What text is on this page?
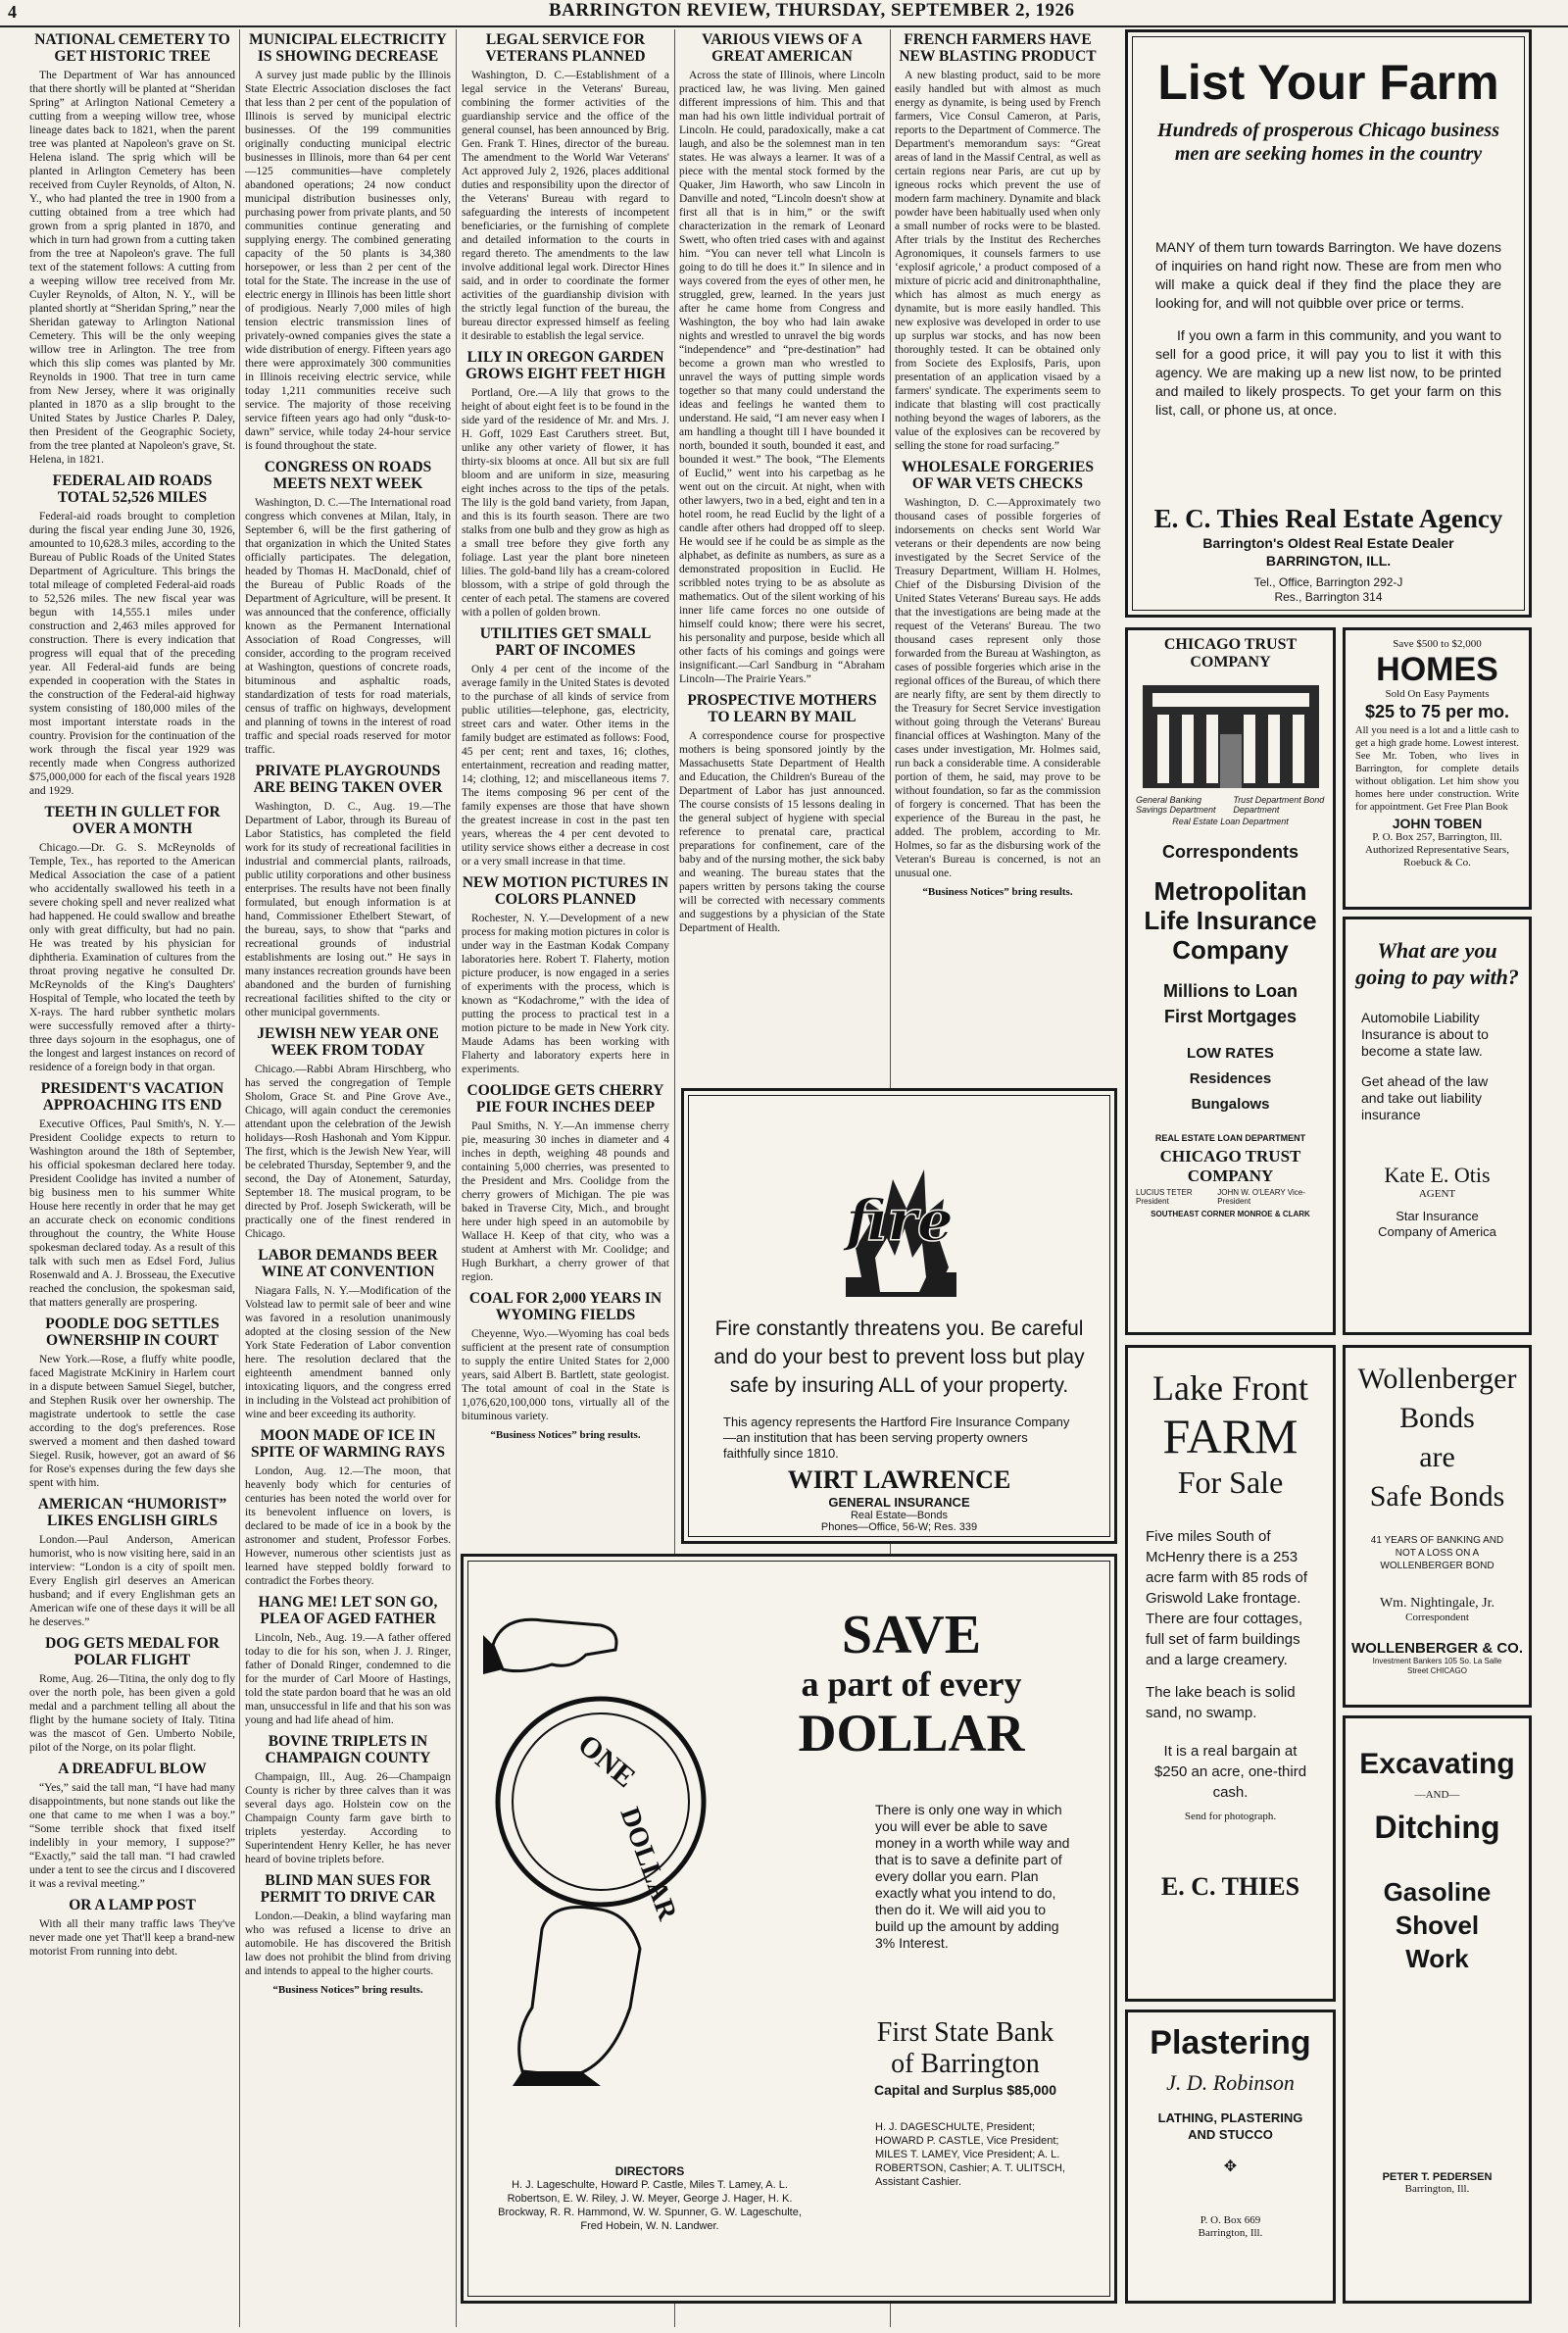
4	BARRINGTON REVIEW, THURSDAY, SEPTEMBER 2, 1926
NATIONAL CEMETERY TO GET HISTORIC TREE

The Department of War has announced that there shortly will be planted at “Sheridan Spring” at Arlington National Cemetery a cutting from a weeping willow tree, whose lineage dates back to 1821, when the parent tree was planted at Napoleon's grave on St. Helena island. The sprig which will be planted in Arlington Cemetery has been received from Cuyler Reynolds, of Alton, N. Y., who had planted the tree in 1900 from a cutting obtained from a tree which had grown from a sprig planted in 1870, and which in turn had grown from a cutting taken from the tree at Napoleon's grave. The full text of the statement follows: A cutting from a weeping willow tree received from Mr. Cuyler Reynolds, of Alton, N. Y., will be planted shortly at “Sheridan Spring,” near the Sheridan gateway to Arlington National Cemetery. This will be the only weeping willow tree in Arlington. The tree from which this slip comes was planted by Mr. Reynolds in 1900. That tree in turn came from New Jersey, where it was originally planted in 1870 as a slip brought to the United States by Justice Charles P. Daley, then President of the Geographic Society, from the tree planted at Napoleon's grave, St. Helena, in 1821.

FEDERAL AID ROADS TOTAL 52,526 MILES

Federal-aid roads brought to completion during the fiscal year ending June 30, 1926, amounted to 10,628.3 miles, according to the Bureau of Public Roads of the United States Department of Agriculture. This brings the total mileage of completed Federal-aid roads to 52,526 miles. The new fiscal year was begun with 14,555.1 miles under construction and 2,463 miles approved for construction. There is every indication that progress will equal that of the preceding year. All Federal-aid funds are being expended in cooperation with the States in the construction of the Federal-aid highway system consisting of 180,000 miles of the most important interstate roads in the country. Provision for the continuation of the work through the fiscal year 1929 was recently made when Congress authorized $75,000,000 for each of the fiscal years 1928 and 1929.

TEETH IN GULLET FOR OVER A MONTH

Chicago.—Dr. G. S. McReynolds of Temple, Tex., has reported to the American Medical Association the case of a patient who accidentally swallowed his teeth in a severe choking spell and never realized what had happened. He could swallow and breathe only with great difficulty, but had no pain. He was treated by his physician for diphtheria. Examination of cultures from the throat proving negative he consulted Dr. McReynolds of the King's Daughters' Hospital of Temple, who located the teeth by X-rays. The hard rubber synthetic molars were successfully removed after a thirty-three days sojourn in the esophagus, one of the longest and largest instances on record of residence of a foreign body in that organ.

PRESIDENT'S VACATION APPROACHING ITS END

Executive Offices, Paul Smith's, N. Y.—President Coolidge expects to return to Washington around the 18th of September, his official spokesman declared here today. President Coolidge has invited a number of big business men to his summer White House here recently in order that he may get an accurate check on economic conditions throughout the country, the White House spokesman declared today. As a result of this talk with such men as Edsel Ford, Julius Rosenwald and A. J. Brosseau, the Executive reached the conclusion, the spokesman said, that matters generally are prospering.

POODLE DOG SETTLES OWNERSHIP IN COURT

New York.—Rose, a fluffy white poodle, faced Magistrate McKiniry in Harlem court in a dispute between Samuel Siegel, butcher, and Stephen Rusik over her ownership. The magistrate undertook to settle the case according to the dog's preferences. Rose swerved a moment and then dashed toward Siegel. Rusik, however, got an award of $6 for Rose's expenses during the few days she spent with him.

AMERICAN “HUMORIST” LIKES ENGLISH GIRLS

London.—Paul Anderson, American humorist, who is now visiting here, said in an interview: “London is a city of spoilt men. Every English girl deserves an American husband; and if every Englishman gets an American wife one of these days it will be all he deserves.”

DOG GETS MEDAL FOR POLAR FLIGHT

Rome, Aug. 26—Titina, the only dog to fly over the north pole, has been given a gold medal and a parchment telling all about the flight by the humane society of Italy. Titina was the mascot of Gen. Umberto Nobile, pilot of the Norge, on its polar flight.

A DREADFUL BLOW

“Yes,” said the tall man, “I have had many disappointments, but none stands out like the one that came to me when I was a boy.” “Some terrible shock that fixed itself indelibly in your memory, I suppose?” “Exactly,” said the tall man. “I had crawled under a tent to see the circus and I discovered it was a revival meeting.”

OR A LAMP POST

With all their many traffic laws They've never made one yet That'll keep a brand-new motorist From running into debt.

MUNICIPAL ELECTRICITY IS SHOWING DECREASE

A survey just made public by the Illinois State Electric Association discloses the fact that less than 2 per cent of the population of Illinois is served by municipal electric businesses. Of the 199 communities originally conducting municipal electric businesses in Illinois, more than 64 per cent—125 communities—have completely abandoned operations; 24 now conduct municipal distribution businesses only, purchasing power from private plants, and 50 communities continue generating and supplying energy. The combined generating capacity of the 50 plants is 34,380 horsepower, or less than 2 per cent of the total for the State. The increase in the use of electric energy in Illinois has been little short of prodigious. Nearly 7,000 miles of high tension electric transmission lines of privately-owned companies gives the state a wide distribution of energy. Fifteen years ago there were approximately 300 communities in Illinois receiving electric service, while today 1,211 communities receive such service. The majority of those receiving service fifteen years ago had only “dusk-to-dawn” service, while today 24-hour service is found throughout the state.

CONGRESS ON ROADS MEETS NEXT WEEK

Washington, D. C.—The International road congress which convenes at Milan, Italy, in September 6, will be the first gathering of that organization in which the United States officially participates. The delegation, headed by Thomas H. MacDonald, chief of the Bureau of Public Roads of the Department of Agriculture, will be present. It was announced that the conference, officially known as the Permanent International Association of Road Congresses, will consider, according to the program received at Washington, questions of concrete roads, bituminous and asphaltic roads, standardization of tests for road materials, census of traffic on highways, development and planning of towns in the interest of road traffic and special roads reserved for motor traffic.

PRIVATE PLAYGROUNDS ARE BEING TAKEN OVER

Washington, D. C., Aug. 19.—The Department of Labor, through its Bureau of Labor Statistics, has completed the field work for its study of recreational facilities in industrial and commercial plants, railroads, public utility corporations and other business enterprises. The results have not been finally formulated, but enough information is at hand, Commissioner Ethelbert Stewart, of the bureau, says, to show that “parks and recreational grounds of industrial establishments are losing out.” He says in many instances recreation grounds have been abandoned and the burden of furnishing recreational facilities shifted to the city or other municipal governments.

JEWISH NEW YEAR ONE WEEK FROM TODAY

Chicago.—Rabbi Abram Hirschberg, who has served the congregation of Temple Sholom, Grace St. and Pine Grove Ave., Chicago, will again conduct the ceremonies attendant upon the celebration of the Jewish holidays—Rosh Hashonah and Yom Kippur. The first, which is the Jewish New Year, will be celebrated Thursday, September 9, and the second, the Day of Atonement, Saturday, September 18. The musical program, to be directed by Prof. Joseph Swickerath, will be practically one of the finest rendered in Chicago.

LABOR DEMANDS BEER WINE AT CONVENTION

Niagara Falls, N. Y.—Modification of the Volstead law to permit sale of beer and wine was favored in a resolution unanimously adopted at the closing session of the New York State Federation of Labor convention here. The resolution declared that the eighteenth amendment banned only intoxicating liquors, and the congress erred in including in the Volstead act prohibition of wine and beer exceeding its authority.

MOON MADE OF ICE IN SPITE OF WARMING RAYS

London, Aug. 12.—The moon, that heavenly body which for centuries of centuries has been noted the world over for its benevolent influence on lovers, is declared to be made of ice in a book by the astronomer and student, Professor Forbes. However, numerous other scientists just as learned have stepped boldly forward to contradict the Forbes theory.

HANG ME! LET SON GO, PLEA OF AGED FATHER

Lincoln, Neb., Aug. 19.—A father offered today to die for his son, when J. J. Ringer, father of Donald Ringer, condemned to die for the murder of Carl Moore of Hastings, told the state pardon board that he was an old man, unsuccessful in life and that his son was young and had life ahead of him.

BOVINE TRIPLETS IN CHAMPAIGN COUNTY

Champaign, Ill., Aug. 26—Champaign County is richer by three calves than it was several days ago. Holstein cow on the Champaign County farm gave birth to triplets yesterday. According to Superintendent Henry Keller, he has never heard of bovine triplets before.

BLIND MAN SUES FOR PERMIT TO DRIVE CAR

London.—Deakin, a blind wayfaring man who was refused a license to drive an automobile. He has discovered the British law does not prohibit the blind from driving and intends to appeal to the higher courts.

“Business Notices” bring results.
LEGAL SERVICE FOR VETERANS PLANNED

Washington, D. C.—Establishment of a legal service in the Veterans' Bureau, combining the former activities of the guardianship service and the office of the general counsel, has been announced by Brig. Gen. Frank T. Hines, director of the bureau. The amendment to the World War Veterans' Act approved July 2, 1926, places additional duties and responsibility upon the director of the Veterans' Bureau with regard to safeguarding the interests of incompetent beneficiaries, or the furnishing of complete and detailed information to the courts in regard thereto. The amendments to the law involve additional legal work. Director Hines said, and in order to coordinate the former activities of the guardianship division with the strictly legal function of the bureau, the bureau director expressed himself as feeling it desirable to establish the legal service.

LILY IN OREGON GARDEN GROWS EIGHT FEET HIGH

Portland, Ore.—A lily that grows to the height of about eight feet is to be found in the side yard of the residence of Mr. and Mrs. J. H. Goff, 1029 East Caruthers street. But, unlike any other variety of flower, it has thirty-six blooms at once. All but six are full bloom and are uniform in size, measuring eight inches across to the tips of the petals. The lily is the gold band variety, from Japan, and this is its fourth season. There are two stalks from one bulb and they grow as high as a small tree before they give forth any foliage. Last year the plant bore nineteen lilies. The gold-band lily has a cream-colored blossom, with a stripe of gold through the center of each petal. The stamens are covered with a pollen of golden brown.

UTILITIES GET SMALL PART OF INCOMES

Only 4 per cent of the income of the average family in the United States is devoted to the purchase of all kinds of service from public utilities—telephone, gas, electricity, street cars and water. Other items in the family budget are estimated as follows: Food, 45 per cent; rent and taxes, 16; clothes, entertainment, recreation and reading matter, 14; clothing, 12; and miscellaneous items 7. The items composing 96 per cent of the family expenses are those that have shown the greatest increase in cost in the past ten years, whereas the 4 per cent devoted to utility service shows either a decrease in cost or a very small increase in that time.

NEW MOTION PICTURES IN COLORS PLANNED

Rochester, N. Y.—Development of a new process for making motion pictures in color is under way in the Eastman Kodak Company laboratories here. Robert T. Flaherty, motion picture producer, is now engaged in a series of experiments with the process, which is known as “Kodachrome,” with the idea of putting the process to practical test in a motion picture to be made in New York city. Maude Adams has been working with Flaherty and laboratory experts here in experiments.

COOLIDGE GETS CHERRY PIE FOUR INCHES DEEP

Paul Smiths, N. Y.—An immense cherry pie, measuring 30 inches in diameter and 4 inches in depth, weighing 48 pounds and containing 5,000 cherries, was presented to the President and Mrs. Coolidge from the cherry growers of Michigan. The pie was baked in Traverse City, Mich., and brought here under high speed in an automobile by Wallace H. Keep of that city, who was a student at Amherst with Mr. Coolidge; and Hugh Burkhart, a cherry grower of that region.

COAL FOR 2,000 YEARS IN WYOMING FIELDS

Cheyenne, Wyo.—Wyoming has coal beds sufficient at the present rate of consumption to supply the entire United States for 2,000 years, said Albert B. Bartlett, state geologist. The total amount of coal in the State is 1,076,620,100,000 tons, virtually all of the bituminous variety.

“Business Notices” bring results.
VARIOUS VIEWS OF A GREAT AMERICAN

Across the state of Illinois, where Lincoln practiced law, he was living. Men gained different impressions of him. This and that man had his own little individual portrait of Lincoln. He could, paradoxically, make a cat laugh, and also be the solemnest man in ten states. He was always a learner. It was of a piece with the mental stock formed by the Quaker, Jim Haworth, who saw Lincoln in Danville and noted, “Lincoln doesn't show at first all that is in him,” or the swift characterization in the remark of Leonard Swett, who often tried cases with and against him. “You can never tell what Lincoln is going to do till he does it.” In silence and in ways covered from the eyes of other men, he struggled, grew, learned. In the years just after he came home from Congress and Washington, the boy who had lain awake nights and wrestled to unravel the big words “independence” and “pre-destination” had become a grown man who wrestled to unravel the ways of putting simple words together so that many could understand the ideas and feelings he wanted them to understand. He said, “I am never easy when I am handling a thought till I have bounded it north, bounded it south, bounded it east, and bounded it west.” The book, “The Elements of Euclid,” went into his carpetbag as he went out on the circuit. At night, when with other lawyers, two in a bed, eight and ten in a hotel room, he read Euclid by the light of a candle after others had dropped off to sleep. He would see if he could be as simple as the alphabet, as definite as numbers, as sure as a demonstrated proposition in Euclid. He scribbled notes trying to be as absolute as mathematics. Out of the silent working of his inner life came forces no one outside of himself could know; there were his secret, his personality and purpose, beside which all other facts of his comings and goings were insignificant.—Carl Sandburg in “Abraham Lincoln—The Prairie Years.”

PROSPECTIVE MOTHERS TO LEARN BY MAIL

A correspondence course for prospective mothers is being sponsored jointly by the Massachusetts State Department of Health and Education, the Children's Bureau of the Department of Labor has just announced. The course consists of 15 lessons dealing in the general subject of hygiene with special reference to prenatal care, practical preparations for confinement, care of the baby and of the nursing mother, the sick baby and weaning. The bureau states that the papers written by persons taking the course will be corrected with necessary comments and suggestions by a physician of the State Department of Health.

FRENCH FARMERS HAVE NEW BLASTING PRODUCT

A new blasting product, said to be more easily handled but with almost as much energy as dynamite, is being used by French farmers, Vice Consul Cameron, at Paris, reports to the Department of Commerce. The Department's memorandum says: “Great areas of land in the Massif Central, as well as certain regions near Paris, are cut up by igneous rocks which prevent the use of modern farm machinery. Dynamite and black powder have been habitually used when only a small number of rocks were to be blasted. After trials by the Institut des Recherches Agronomiques, it counsels farmers to use ‘explosif agricole,’ a product composed of a mixture of picric acid and dinitronaphthaline, which has almost as much energy as dynamite, but is more easily handled. This new explosive was developed in order to use up surplus war stocks, and has now been thoroughly tested. It can be obtained only from Societe des Explosifs, Paris, upon presentation of an application visaed by a farmers' syndicate. The experiments seem to indicate that blasting will cost practically nothing beyond the wages of laborers, as the value of the explosives can be recovered by selling the stone for road surfacing.”

WHOLESALE FORGERIES OF WAR VETS CHECKS

Washington, D. C.—Approximately two thousand cases of possible forgeries of indorsements on checks sent World War veterans or their dependents are now being investigated by the Secret Service of the Treasury Department, William H. Holmes, Chief of the Disbursing Division of the United States Veterans' Bureau says. He adds that the investigations are being made at the request of the Veterans' Bureau. The two thousand cases represent only those forwarded from the Bureau at Washington, as cases of possible forgeries which arise in the regional offices of the Bureau, of which there are nearly fifty, are sent by them directly to the Treasury for Secret Service investigation without going through the Veterans' Bureau financial offices at Washington. Many of the cases under investigation, Mr. Holmes said, run back a considerable time. A considerable portion of them, he said, may prove to be without foundation, so far as the commission of forgery is concerned. That has been the experience of the Bureau in the past, he added. The problem, according to Mr. Holmes, so far as the disbursing work of the Veteran's Bureau is concerned, is not an unusual one.

“Business Notices” bring results.
fire
Fire constantly threatens you. Be careful and do your best to prevent loss but play safe by insuring ALL of your property.
This agency represents the Hartford Fire Insurance Company—an institution that has been serving property owners faithfully since 1810.
WIRT LAWRENCE
GENERAL INSURANCE
Real Estate—Bonds
Phones—Office, 56-W; Res. 339
ONE
DOLLAR
SAVE
a part of every
DOLLAR
There is only one way in which you will ever be able to save money in a worth while way and that is to save a definite part of every dollar you earn. Plan exactly what you intend to do, then do it. We will aid you to build up the amount by adding 3% Interest.
First State Bank
of Barrington
Capital and Surplus $85,000
H. J. DAGESCHULTE, President; HOWARD P. CASTLE, Vice President; MILES T. LAMEY, Vice President; A. L. ROBERTSON, Cashier; A. T. ULITSCH, Assistant Cashier.
DIRECTORS
H. J. Lageschulte, Howard P. Castle, Miles T. Lamey, A. L. Robertson, E. W. Riley, J. W. Meyer, George J. Hager, H. K. Brockway, R. R. Hammond, W. W. Spunner, G. W. Lageschulte, Fred Hobein, W. N. Landwer.
List Your Farm
Hundreds of prosperous Chicago business men are seeking homes in the country

MANY of them turn towards Barrington. We have dozens of inquiries on hand right now. These are from men who will make a quick deal if they find the place they are looking for, and will not quibble over price or terms.

If you own a farm in this community, and you want to sell for a good price, it will pay you to list it with this agency. We are making up a new list now, to be printed and mailed to likely prospects. To get your farm on this list, call, or phone us, at once.

E. C. Thies Real Estate Agency
Barrington's Oldest Real Estate Dealer
BARRINGTON, ILL.
Tel., Office, Barrington 292-J
Res., Barrington 314
CHICAGO TRUST COMPANY
General Banking Savings Department
Trust Department Bond Department
Real Estate Loan Department
Correspondents
Metropolitan
Life Insurance
Company
Millions to Loan
First Mortgages
LOW RATES
Residences
Bungalows
REAL ESTATE LOAN DEPARTMENT
CHICAGO TRUST COMPANY
LUCIUS TETER President
JOHN W. O'LEARY Vice-President
SOUTHEAST CORNER MONROE & CLARK
Save $500 to $2,000
HOMES
Sold On Easy Payments
$25 to 75 per mo.
All you need is a lot and a little cash to get a high grade home. Lowest interest. See Mr. Toben, who lives in Barrington, for complete details without obligation. Let him show you homes here under construction. Write for appointment. Get Free Plan Book
JOHN TOBEN
P. O. Box 257, Barrington, Ill.
Authorized Representative Sears, Roebuck & Co.
What are you going to pay with?
Automobile Liability Insurance is about to become a state law.
Get ahead of the law and take out liability insurance
Kate E. Otis
AGENT
Star Insurance Company of America
Lake Front
FARM
For Sale
Five miles South of McHenry there is a 253 acre farm with 85 rods of Griswold Lake frontage. There are four cottages, full set of farm buildings and a large creamery.
The lake beach is solid sand, no swamp.
It is a real bargain at $250 an acre, one-third cash.
Send for photograph.
E. C. THIES
Wollenberger
Bonds
are
Safe Bonds
41 YEARS OF BANKING AND NOT A LOSS ON A WOLLENBERGER BOND
Wm. Nightingale, Jr.
Correspondent
WOLLENBERGER & CO.
Investment Bankers 105 So. La Salle Street CHICAGO
Excavating
—AND—
Ditching
Gasoline
Shovel
Work
PETER T. PEDERSEN
Barrington, Ill.
Plastering
J. D. Robinson
LATHING, PLASTERING AND STUCCO
✥
P. O. Box 669
Barrington, Ill.
